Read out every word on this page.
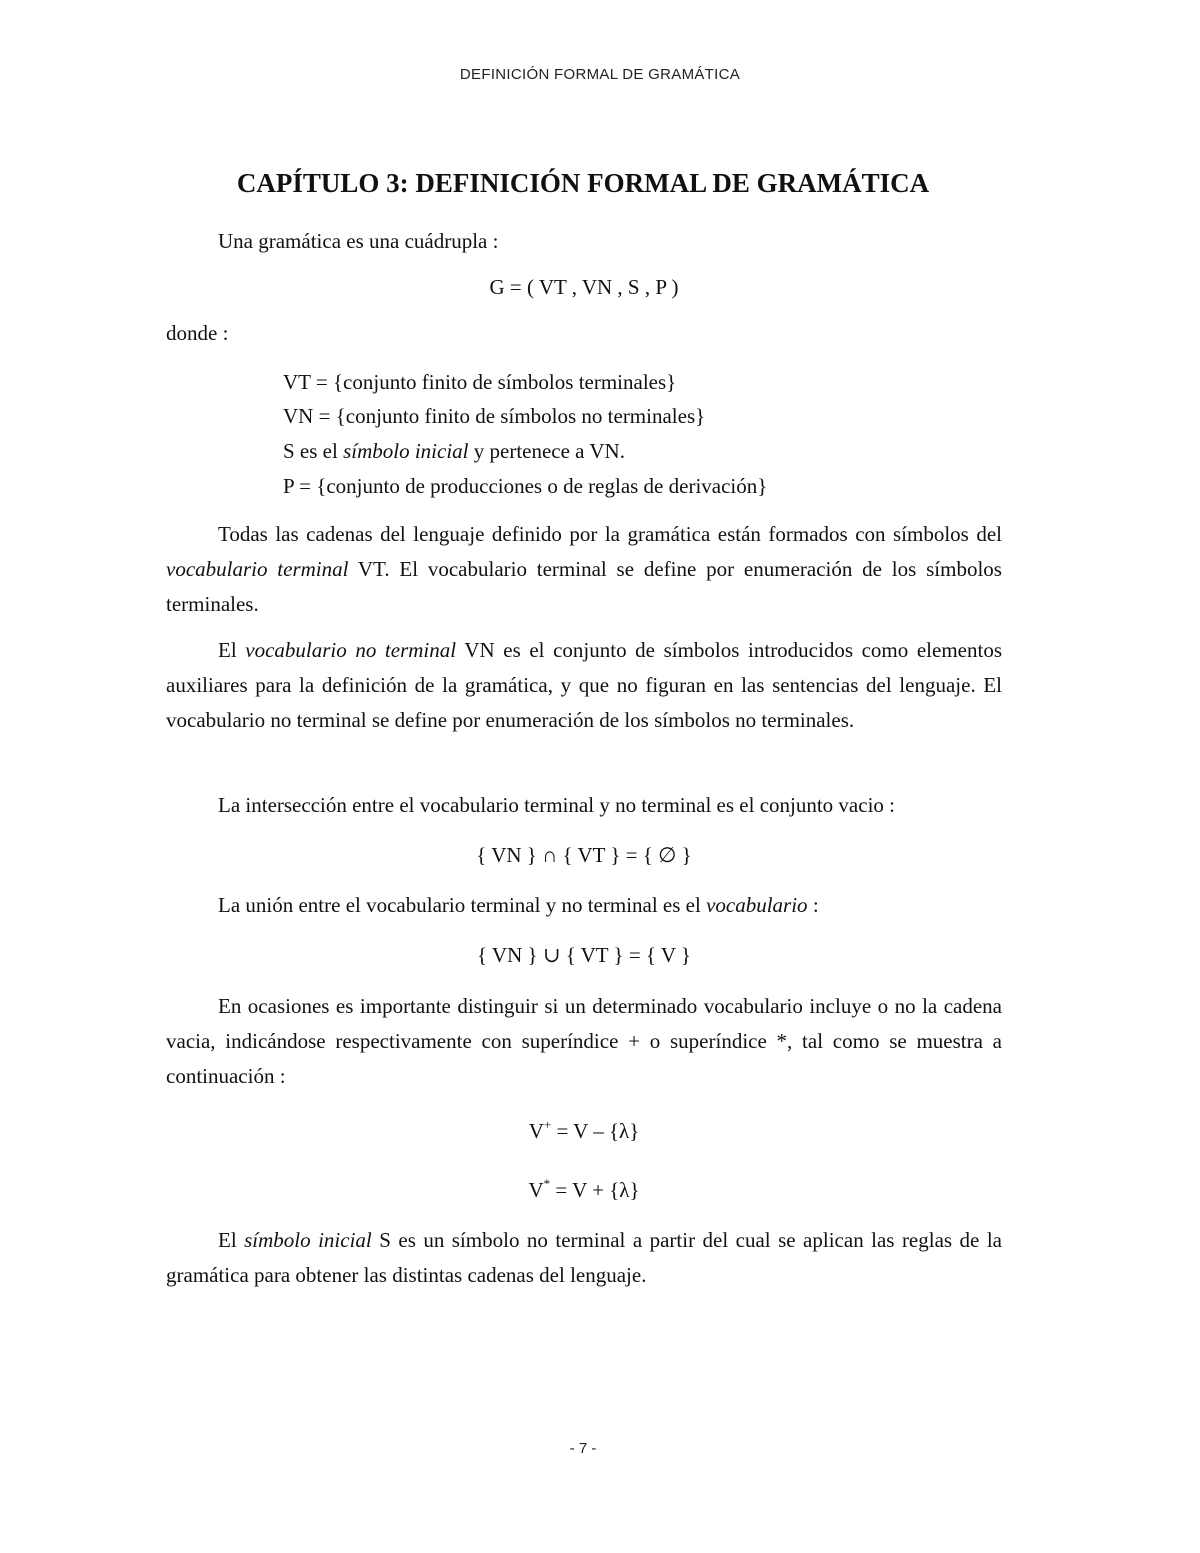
DEFINICIÓN FORMAL DE GRAMÁTICA
CAPÍTULO 3: DEFINICIÓN FORMAL DE GRAMÁTICA
Una gramática es una cuádrupla :
G = ( VT , VN , S , P )
donde :
VT = {conjunto finito de símbolos terminales}
VN = {conjunto finito de símbolos no terminales}
S es el símbolo inicial y pertenece a VN.
P = {conjunto de producciones o de reglas de derivación}

Todas las cadenas del lenguaje definido por la gramática están formados con símbolos del vocabulario terminal VT. El vocabulario terminal se define por enumeración de los símbolos terminales.

El vocabulario no terminal VN es el conjunto de símbolos introducidos como elementos auxiliares para la definición de la gramática, y que no figuran en las sentencias del lenguaje. El vocabulario no terminal se define por enumeración de los símbolos no terminales.

La intersección entre el vocabulario terminal y no terminal es el conjunto vacio :
{ VN } ∩ { VT } = { ∅ }
La unión entre el vocabulario terminal y no terminal es el vocabulario :
{ VN } ∪ { VT } = { V }

En ocasiones es importante distinguir si un determinado vocabulario incluye o no la cadena vacia, indicándose respectivamente con superíndice + o superíndice *, tal como se muestra a continuación :

V+ = V – {λ}
V* = V + {λ}

El símbolo inicial S es un símbolo no terminal a partir del cual se aplican las reglas de la gramática para obtener las distintas cadenas del lenguaje.

- 7 -
